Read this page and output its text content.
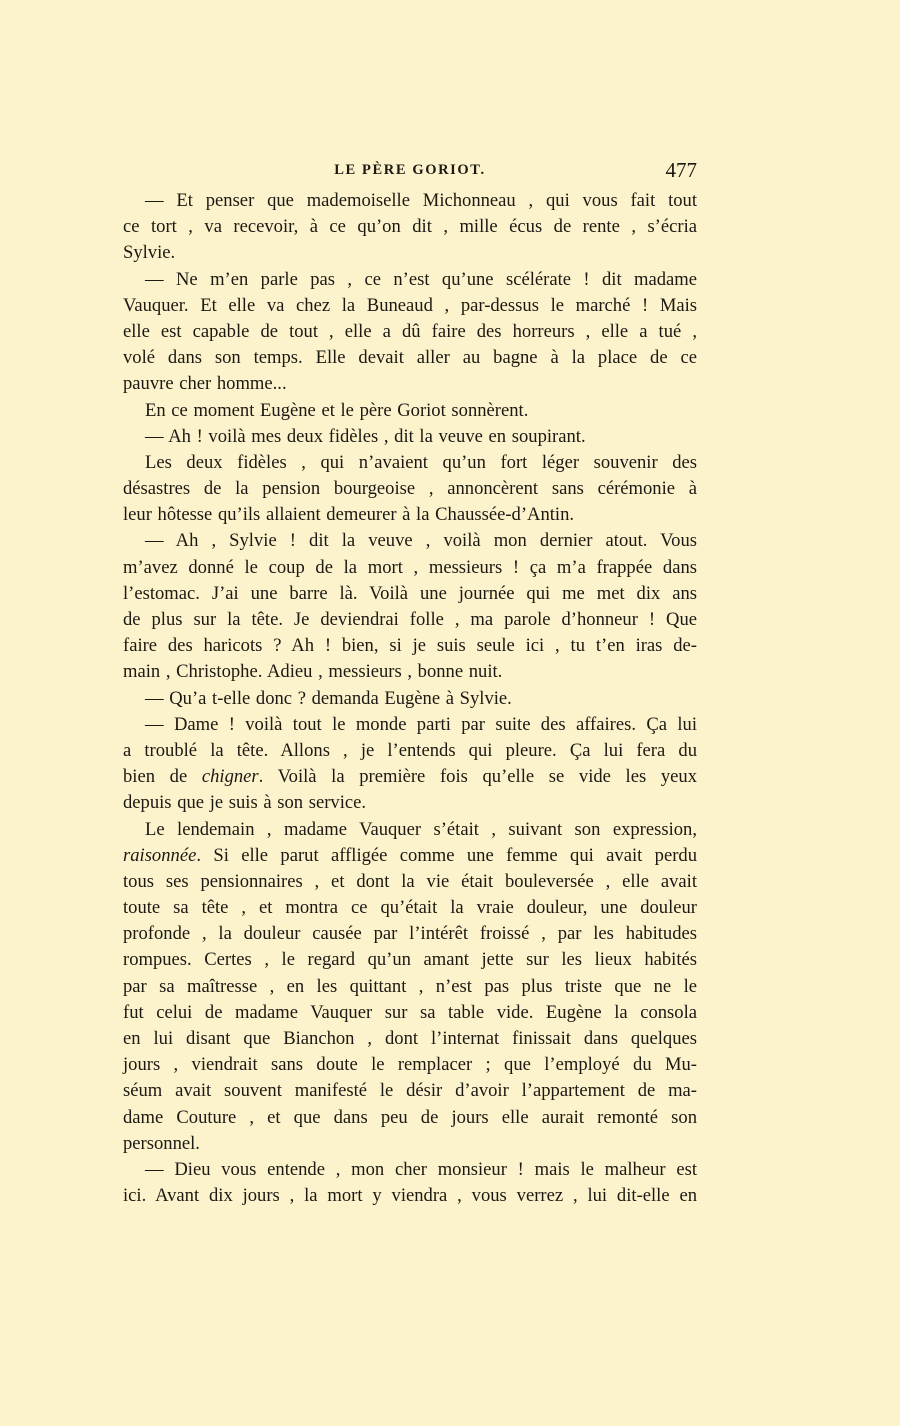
LE PÈRE GORIOT.	477
— Et penser que mademoiselle Michonneau , qui vous fait tout
ce tort , va recevoir, à ce qu’on dit , mille écus de rente , s’écria
Sylvie.
— Ne m’en parle pas , ce n’est qu’une scélérate ! dit madame
Vauquer. Et elle va chez la Buneaud , par-dessus le marché ! Mais
elle est capable de tout , elle a dû faire des horreurs , elle a tué ,
volé dans son temps. Elle devait aller au bagne à la place de ce
pauvre cher homme...
En ce moment Eugène et le père Goriot sonnèrent.
— Ah ! voilà mes deux fidèles , dit la veuve en soupirant.
Les deux fidèles , qui n’avaient qu’un fort léger souvenir des
désastres de la pension bourgeoise , annoncèrent sans cérémonie à
leur hôtesse qu’ils allaient demeurer à la Chaussée-d’Antin.
— Ah , Sylvie ! dit la veuve , voilà mon dernier atout. Vous
m’avez donné le coup de la mort , messieurs ! ça m’a frappée dans
l’estomac. J’ai une barre là. Voilà une journée qui me met dix ans
de plus sur la tête. Je deviendrai folle , ma parole d’honneur ! Que
faire des haricots ? Ah ! bien, si je suis seule ici , tu t’en iras de-
main , Christophe. Adieu , messieurs , bonne nuit.
— Qu’a t-elle donc ? demanda Eugène à Sylvie.
— Dame ! voilà tout le monde parti par suite des affaires. Ça lui
a troublé la tête. Allons , je l’entends qui pleure. Ça lui fera du
bien de chigner. Voilà la première fois qu’elle se vide les yeux
depuis que je suis à son service.
Le lendemain , madame Vauquer s’était , suivant son expression,
raisonnée. Si elle parut affligée comme une femme qui avait perdu
tous ses pensionnaires , et dont la vie était bouleversée , elle avait
toute sa tête , et montra ce qu’était la vraie douleur, une douleur
profonde , la douleur causée par l’intérêt froissé , par les habitudes
rompues. Certes , le regard qu’un amant jette sur les lieux habités
par sa maîtresse , en les quittant , n’est pas plus triste que ne le
fut celui de madame Vauquer sur sa table vide. Eugène la consola
en lui disant que Bianchon , dont l’internat finissait dans quelques
jours , viendrait sans doute le remplacer ; que l’employé du Mu-
séum avait souvent manifesté le désir d’avoir l’appartement de ma-
dame Couture , et que dans peu de jours elle aurait remonté son
personnel.
— Dieu vous entende , mon cher monsieur ! mais le malheur est
ici. Avant dix jours , la mort y viendra , vous verrez , lui dit-elle en
